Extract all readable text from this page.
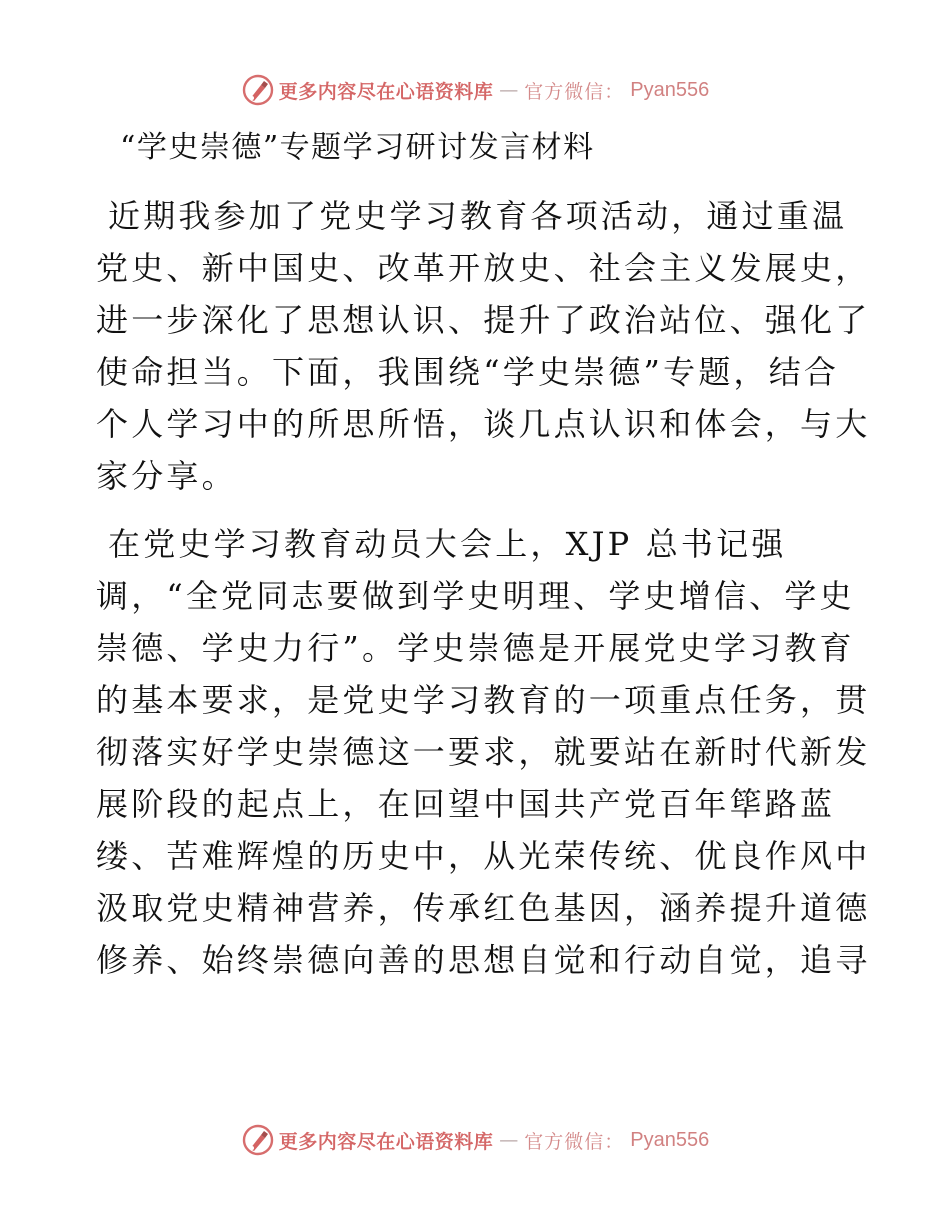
更多内容尽在心语资料库 — 官方微信： Pyan556
“学史崇德”专题学习研讨发言材料

近期我参加了党史学习教育各项活动，通过重温
党史、新中国史、改革开放史、社会主义发展史，
进一步深化了思想认识、提升了政治站位、强化了
使命担当。下面，我围绕“学史崇德”专题，结合
个人学习中的所思所悟，谈几点认识和体会，与大
家分享。

在党史学习教育动员大会上，XJP 总书记强
调，“全党同志要做到学史明理、学史增信、学史
崇德、学史力行”。学史崇德是开展党史学习教育
的基本要求，是党史学习教育的一项重点任务，贯
彻落实好学史崇德这一要求，就要站在新时代新发
展阶段的起点上，在回望中国共产党百年筚路蓝
缕、苦难辉煌的历史中，从光荣传统、优良作风中
汲取党史精神营养，传承红色基因，涵养提升道德
修养、始终崇德向善的思想自觉和行动自觉，追寻

更多内容尽在心语资料库 — 官方微信： Pyan556
